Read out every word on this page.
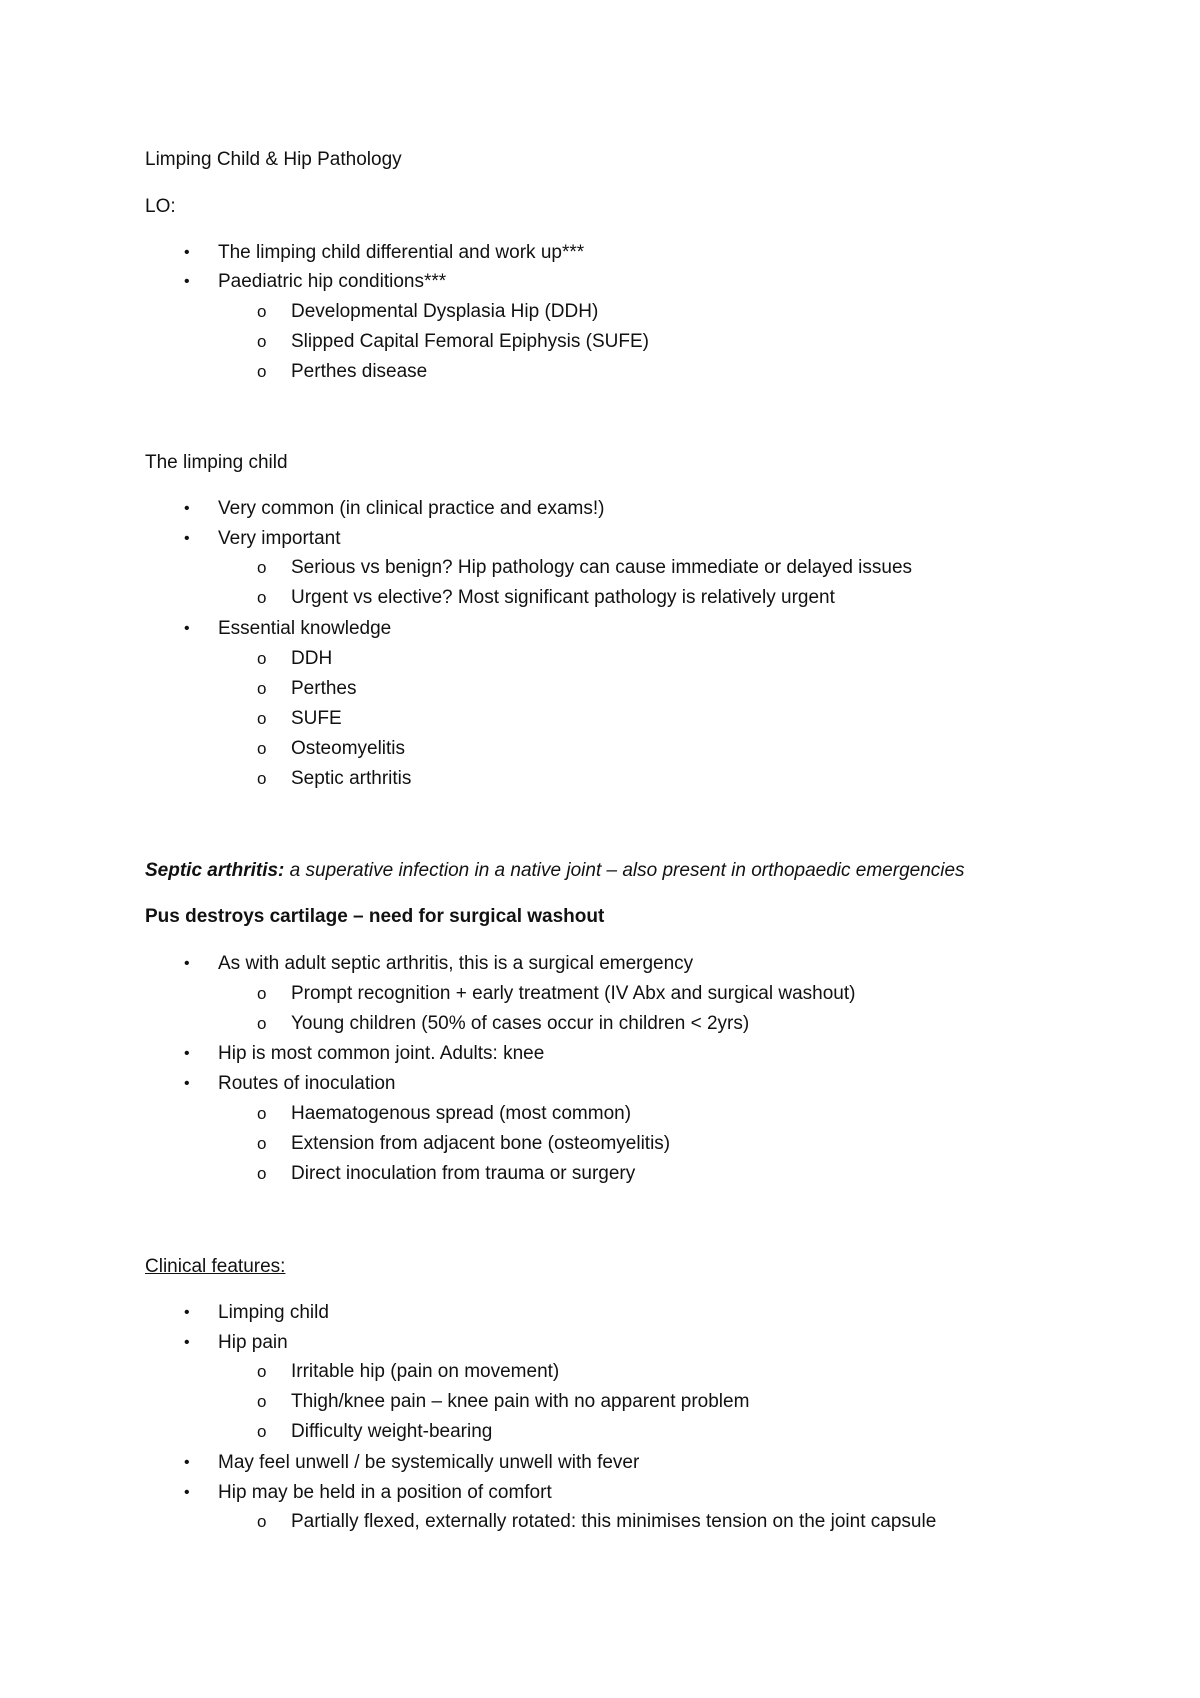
Limping Child & Hip Pathology
LO:
• The limping child differential and work up***
• Paediatric hip conditions***
o Developmental Dysplasia Hip (DDH)
o Slipped Capital Femoral Epiphysis (SUFE)
o Perthes disease
The limping child
• Very common (in clinical practice and exams!)
• Very important
o Serious vs benign? Hip pathology can cause immediate or delayed issues
o Urgent vs elective? Most significant pathology is relatively urgent
• Essential knowledge
o DDH
o Perthes
o SUFE
o Osteomyelitis
o Septic arthritis
Septic arthritis: a superative infection in a native joint – also present in orthopaedic emergencies
Pus destroys cartilage – need for surgical washout
• As with adult septic arthritis, this is a surgical emergency
o Prompt recognition + early treatment (IV Abx and surgical washout)
o Young children (50% of cases occur in children < 2yrs)
• Hip is most common joint. Adults: knee
• Routes of inoculation
o Haematogenous spread (most common)
o Extension from adjacent bone (osteomyelitis)
o Direct inoculation from trauma or surgery
Clinical features:
• Limping child
• Hip pain
o Irritable hip (pain on movement)
o Thigh/knee pain – knee pain with no apparent problem
o Difficulty weight-bearing
• May feel unwell / be systemically unwell with fever
• Hip may be held in a position of comfort
o Partially flexed, externally rotated: this minimises tension on the joint capsule
